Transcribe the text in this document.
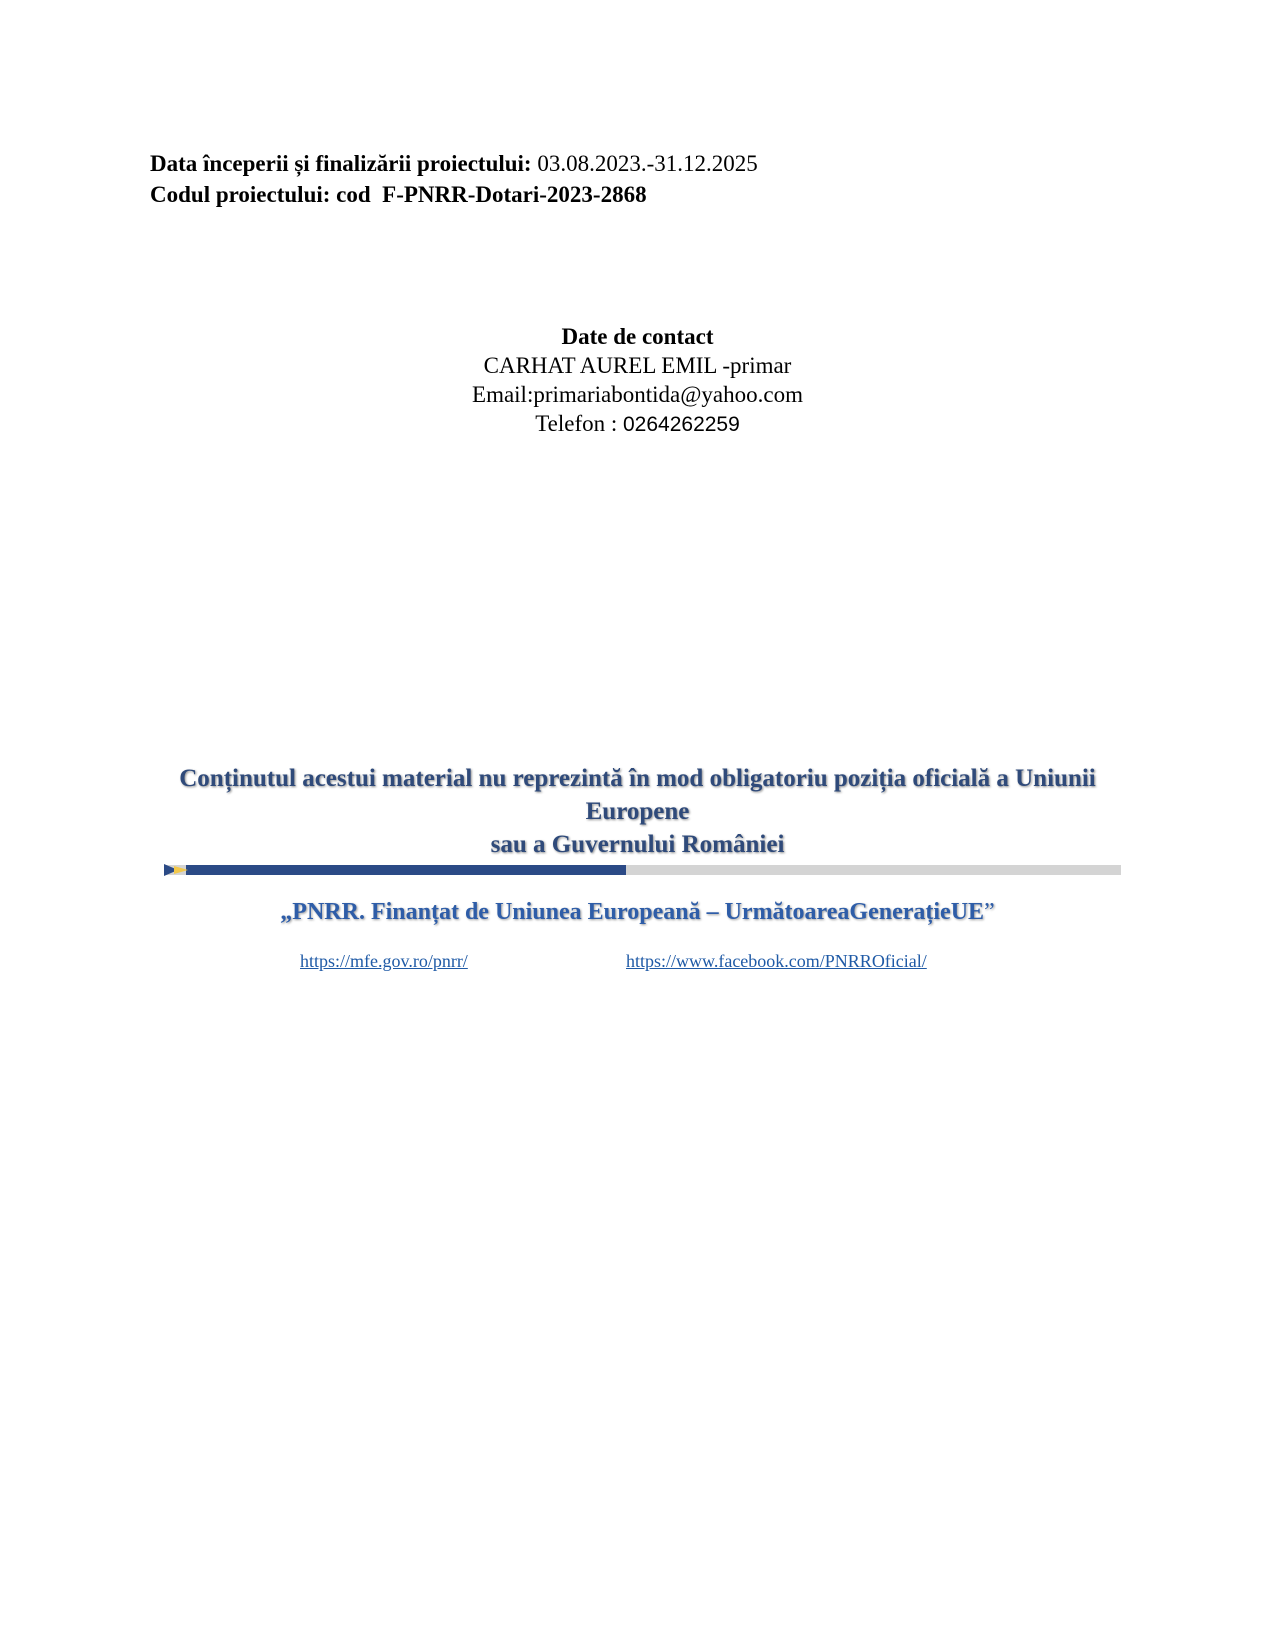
Data începerii și finalizării proiectului: 03.08.2023.-31.12.2025
Codul proiectului: cod  F-PNRR-Dotari-2023-2868
Date de contact
CARHAT AUREL EMIL -primar
Email:primariabontida@yahoo.com
Telefon : 0264262259
Conținutul acestui material nu reprezintă în mod obligatoriu poziția oficială a Uniunii Europene
sau a Guvernului României
„PNRR. Finanțat de Uniunea Europeană – UrmătoareaGenerațieUE”
https://mfe.gov.ro/pnrr/	https://www.facebook.com/PNRROficial/
